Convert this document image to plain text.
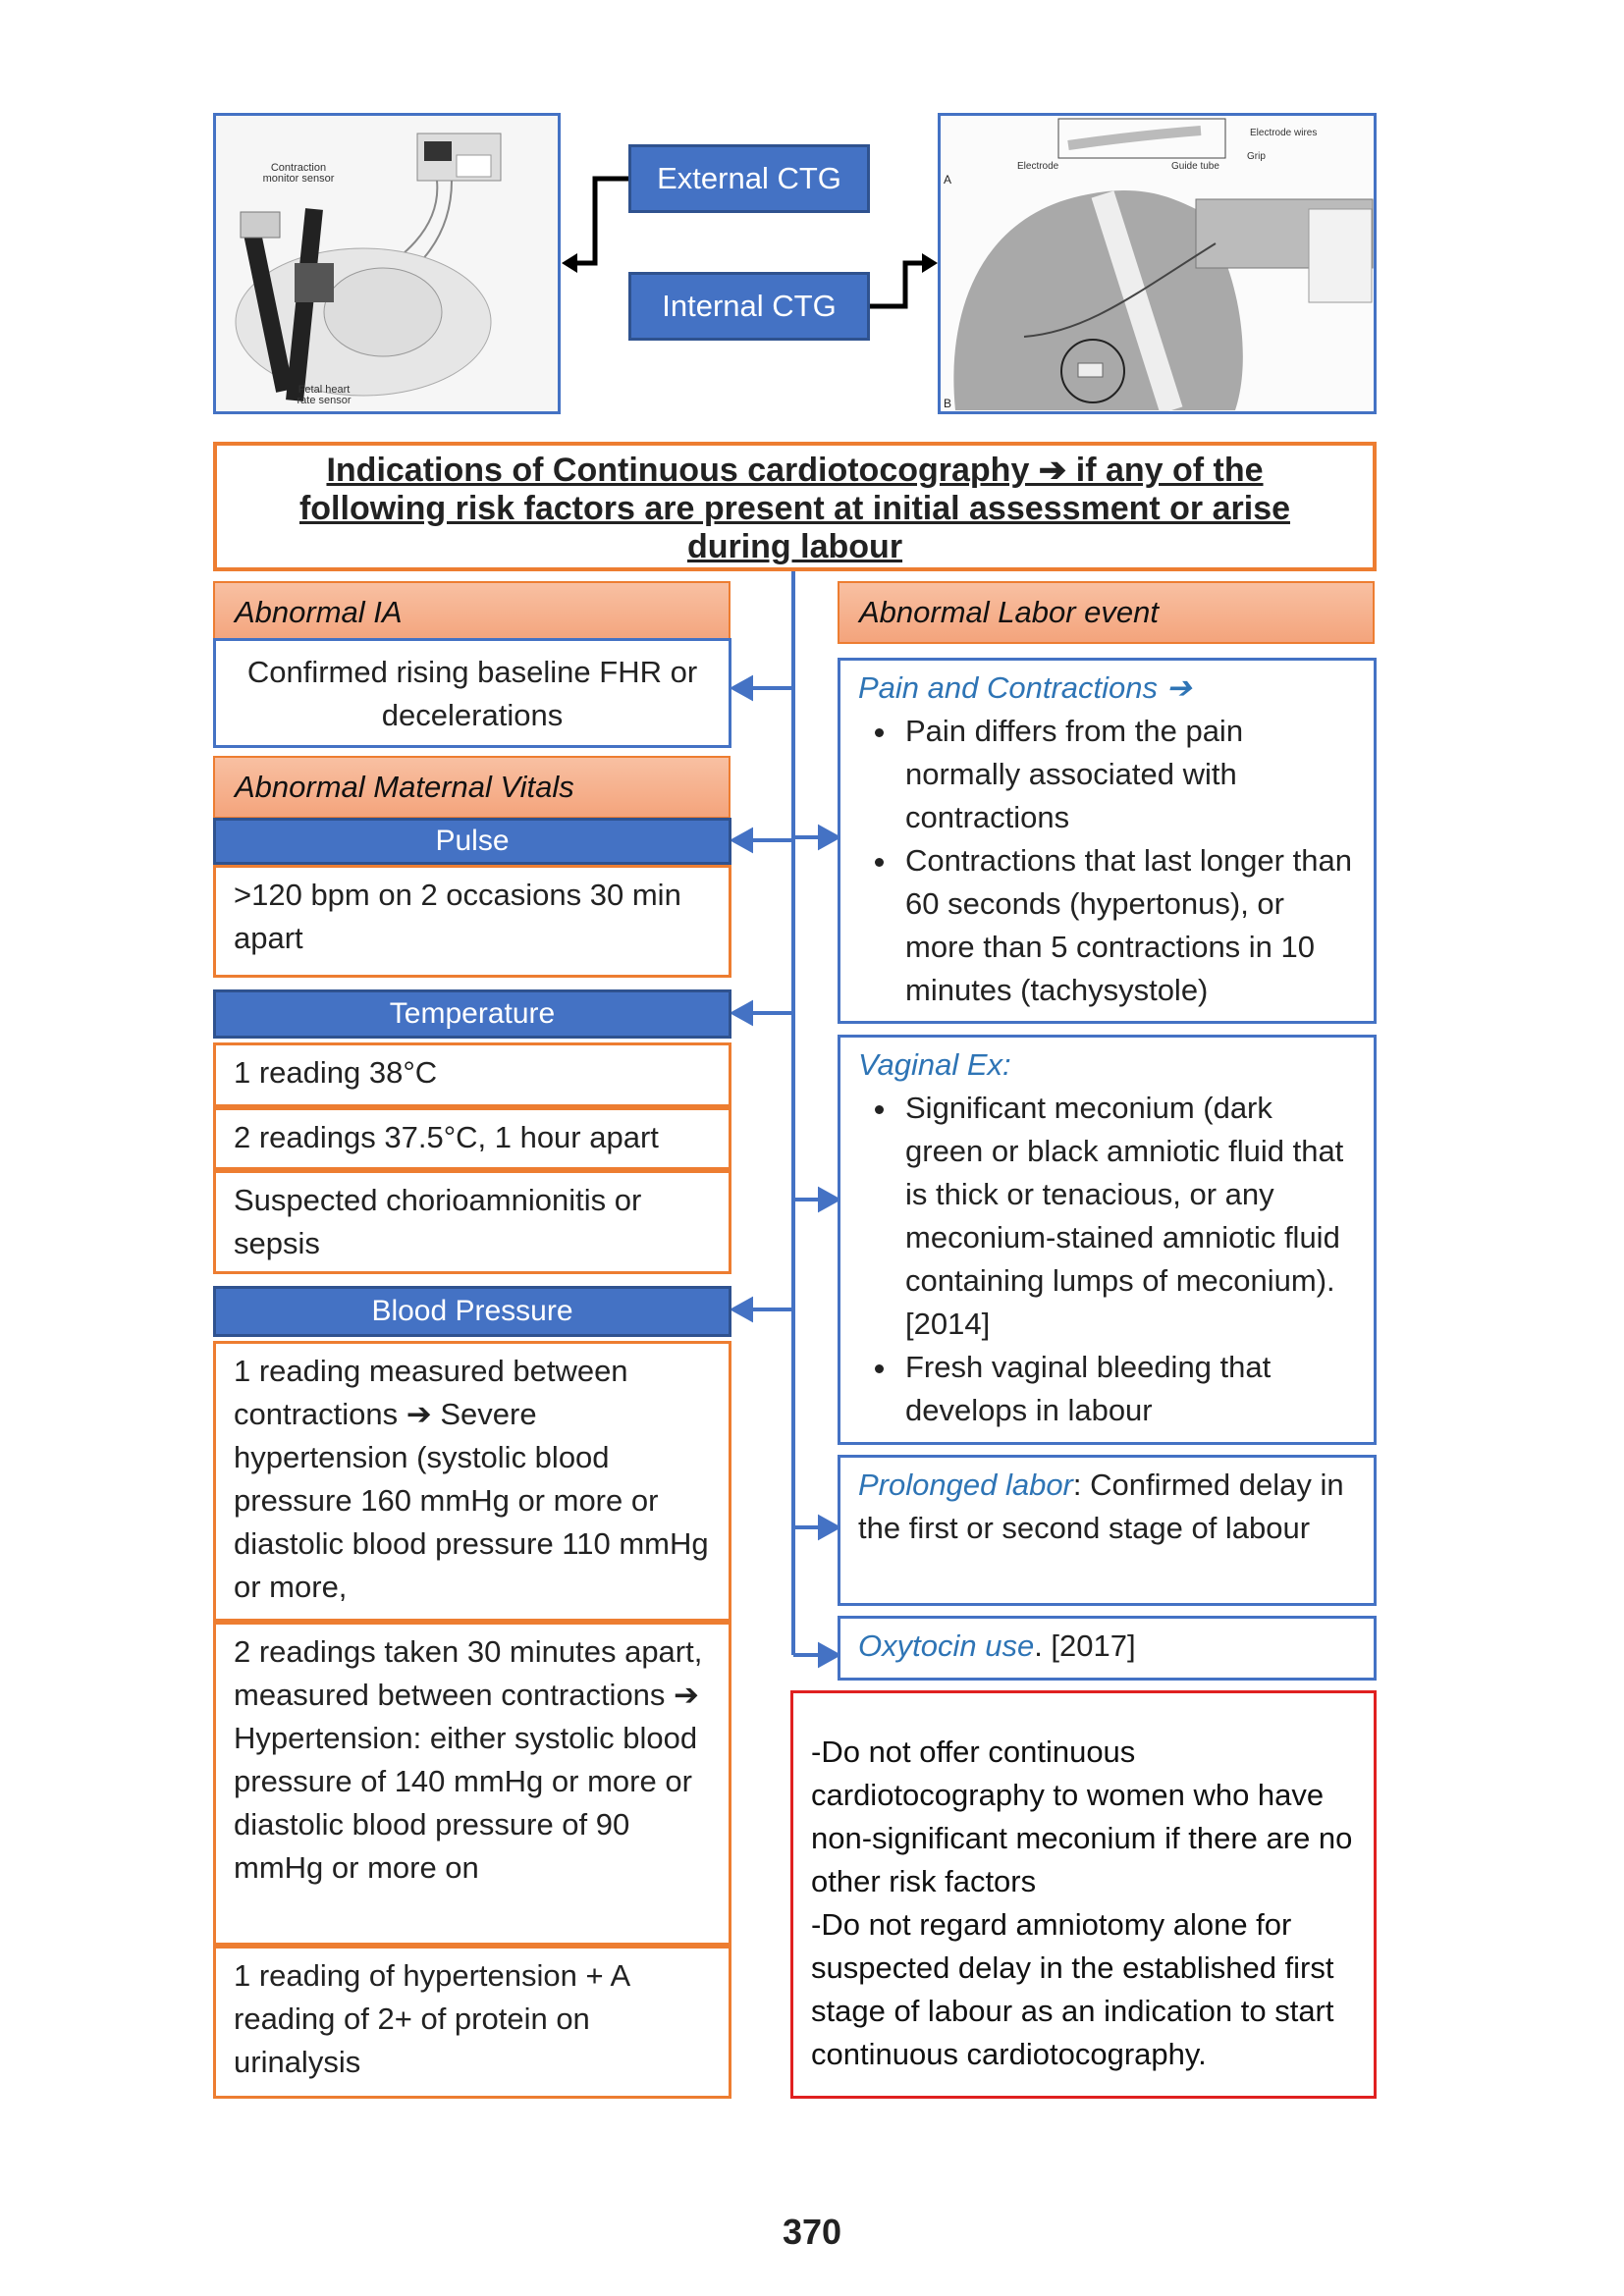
Contraction monitor sensor
Fetal heart rate sensor
External CTG
Internal CTG
A
B
Electrode wires
Grip
Electrode	Guide tube
Indications of Continuous cardiotocography ➔ if any of the
following risk factors are present at initial assessment or arise
during labour
Abnormal IA
Confirmed rising baseline FHR or decelerations
Abnormal Maternal Vitals
Pulse
>120 bpm on 2 occasions 30 min apart
Temperature
1 reading 38°C
2 readings 37.5°C, 1 hour apart
Suspected chorioamnionitis or sepsis
Blood Pressure
1 reading measured between contractions ➔ Severe hypertension (systolic blood pressure 160 mmHg or more or diastolic blood pressure 110 mmHg or more,
2 readings taken 30 minutes apart, measured between contractions ➔ Hypertension: either systolic blood pressure of 140 mmHg or more or diastolic blood pressure of 90 mmHg or more on
1 reading of hypertension + A reading of 2+ of protein on urinalysis
Abnormal Labor event
Pain and Contractions ➔
• Pain differs from the pain normally associated with contractions
• Contractions that last longer than 60 seconds (hypertonus), or more than 5 contractions in 10 minutes (tachysystole)
Vaginal Ex:
• Significant meconium (dark green or black amniotic fluid that is thick or tenacious, or any meconium-stained amniotic fluid containing lumps of meconium). [2014]
• Fresh vaginal bleeding that develops in labour
Prolonged labor: Confirmed delay in the first or second stage of labour
Oxytocin use. [2017]
-Do not offer continuous cardiotocography to women who have non-significant meconium if there are no other risk factors
-Do not regard amniotomy alone for suspected delay in the established first stage of labour as an indication to start continuous cardiotocography.
370
